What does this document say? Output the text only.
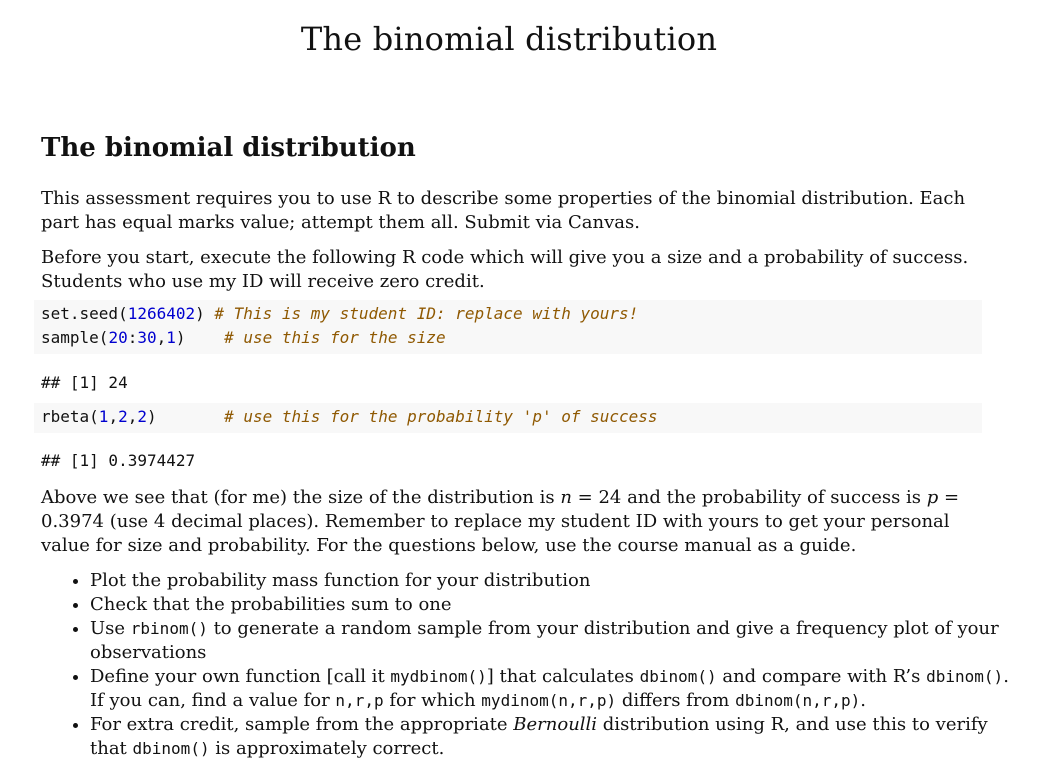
The binomial distribution
The binomial distribution

This assessment requires you to use R to describe some properties of the binomial distribution. Each part has equal marks value; attempt them all. Submit via Canvas.

Before you start, execute the following R code which will give you a size and a probability of success. Students who use my ID will receive zero credit.

set.seed(1266402) # This is my student ID: replace with yours!
sample(20:30,1)    # use this for the size
## [1] 24
rbeta(1,2,2)       # use this for the probability 'p' of success
## [1] 0.3974427

Above we see that (for me) the size of the distribution is n = 24 and the probability of success is p = 0.3974 (use 4 decimal places). Remember to replace my student ID with yours to get your personal value for size and probability. For the questions below, use the course manual as a guide.

• Plot the probability mass function for your distribution
• Check that the probabilities sum to one
• Use rbinom() to generate a random sample from your distribution and give a frequency plot of your observations
• Define your own function [call it mydbinom()] that calculates dbinom() and compare with R’s dbinom(). If you can, find a value for n,r,p for which mydinom(n,r,p) differs from dbinom(n,r,p).
• For extra credit, sample from the appropriate Bernoulli distribution using R, and use this to verify that dbinom() is approximately correct.
